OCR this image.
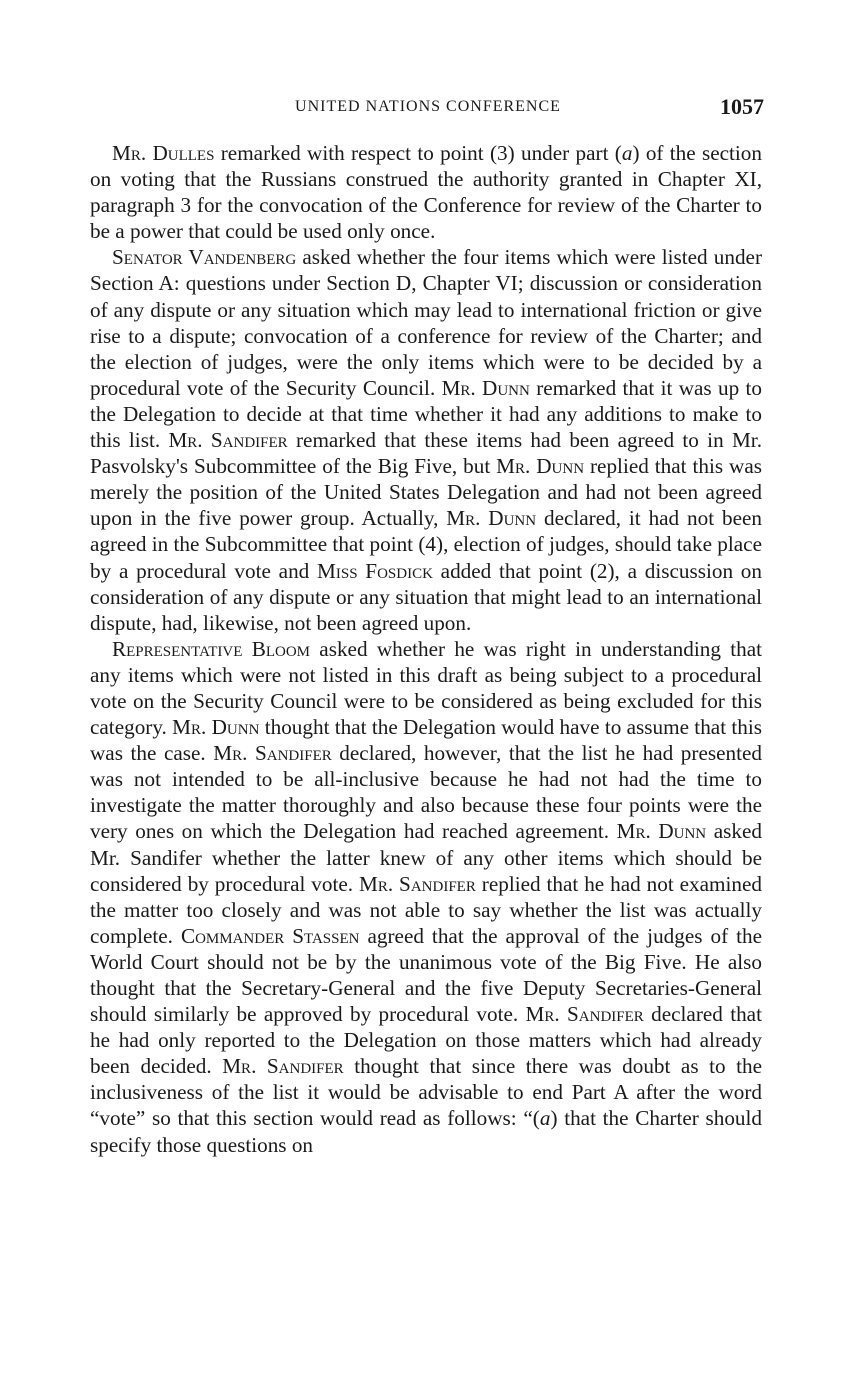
UNITED NATIONS CONFERENCE	1057

Mr. Dulles remarked with respect to point (3) under part (a) of the section on voting that the Russians construed the authority granted in Chapter XI, paragraph 3 for the convocation of the Conference for review of the Charter to be a power that could be used only once.

Senator Vandenberg asked whether the four items which were listed under Section A: questions under Section D, Chapter VI; discussion or consideration of any dispute or any situation which may lead to international friction or give rise to a dispute; convocation of a conference for review of the Charter; and the election of judges, were the only items which were to be decided by a procedural vote of the Security Council. Mr. Dunn remarked that it was up to the Delegation to decide at that time whether it had any additions to make to this list. Mr. Sandifer remarked that these items had been agreed to in Mr. Pasvolsky's Subcommittee of the Big Five, but Mr. Dunn replied that this was merely the position of the United States Delegation and had not been agreed upon in the five power group. Actually, Mr. Dunn declared, it had not been agreed in the Subcommittee that point (4), election of judges, should take place by a procedural vote and Miss Fosdick added that point (2), a discussion on consideration of any dispute or any situation that might lead to an international dispute, had, likewise, not been agreed upon.

Representative Bloom asked whether he was right in understanding that any items which were not listed in this draft as being subject to a procedural vote on the Security Council were to be considered as being excluded for this category. Mr. Dunn thought that the Delegation would have to assume that this was the case. Mr. Sandifer declared, however, that the list he had presented was not intended to be all-inclusive because he had not had the time to investigate the matter thoroughly and also because these four points were the very ones on which the Delegation had reached agreement. Mr. Dunn asked Mr. Sandifer whether the latter knew of any other items which should be considered by procedural vote. Mr. Sandifer replied that he had not examined the matter too closely and was not able to say whether the list was actually complete. Commander Stassen agreed that the approval of the judges of the World Court should not be by the unanimous vote of the Big Five. He also thought that the Secretary-General and the five Deputy Secretaries-General should similarly be approved by procedural vote. Mr. Sandifer declared that he had only reported to the Delegation on those matters which had already been decided. Mr. Sandifer thought that since there was doubt as to the inclusiveness of the list it would be advisable to end Part A after the word “vote” so that this section would read as follows: “(a) that the Charter should specify those questions on
